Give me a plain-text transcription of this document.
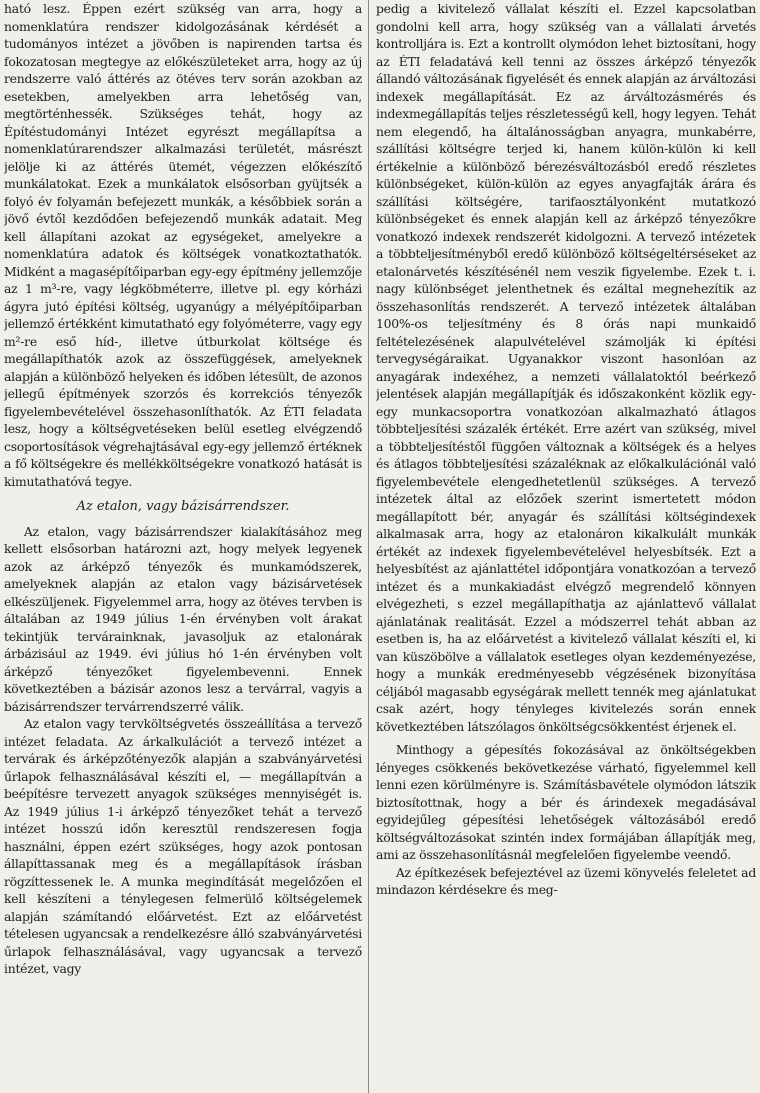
ható lesz. Éppen ezért szükség van arra, hogy a nomenklatúra rendszer kidolgozásának kérdését a tudományos intézet a jövőben is napirenden tartsa és fokozatosan megtegye az előkészületeket arra, hogy az új rendszerre való áttérés az ötéves terv során azokban az esetekben, amelyekben arra lehetőség van, megtörténhessék. Szükséges tehát, hogy az Építéstudományi Intézet egyrészt megállapítsa a nomenklatúrarendszer alkalmazási területét, másrészt jelölje ki az áttérés ütemét, végezzen előkészítő munkálatokat. Ezek a munkálatok elsősorban gyüjtsék a folyó év folyamán befejezett munkák, a későbbiek során a jövő évtől kezdődően befejezendő munkák adatait. Meg kell állapítani azokat az egységeket, amelyekre a nomenklatúra adatok és költségek vonatkoztathatók. Midként a magasépítőiparban egy-egy építmény jellemzője az 1 m³-re, vagy légköbméterre, illetve pl. egy kórházi ágyra jutó építési költség, ugyanúgy a mélyépítőiparban jellemző értékként kimutatható egy folyóméterre, vagy egy m²-re eső híd-, illetve útburkolat költsége és megállapíthatók azok az összefüggések, amelyeknek alapján a különböző helyeken és időben létesült, de azonos jellegű építmények szorzós és korrekciós tényezők figyelembevételével összehasonlíthatók. Az ÉTI feladata lesz, hogy a költségvetéseken belül esetleg elvégzendő csoportosítások végrehajtásával egy-egy jellemző értéknek a fő költségekre és mellékköltségekre vonatkozó hatását is kimutathatóvá tegye.

Az etalon, vagy bázisárrendszer.

Az etalon, vagy bázisárrendszer kialakításához meg kellett elsősorban határozni azt, hogy melyek legyenek azok az árképző tényezők és munkamódszerek, amelyeknek alapján az etalon vagy bázisárvetések elkészüljenek. Figyelemmel arra, hogy az ötéves tervben is általában az 1949 július 1-én érvényben volt árakat tekintjük tervárainknak, javasoljuk az etalonárak árbázisául az 1949. évi július hó 1-én érvényben volt árképző tényezőket figyelembevenni. Ennek következtében a bázisár azonos lesz a tervárral, vagyis a bázisárrendszer tervárrendszerré válik.

Az etalon vagy tervköltségvetés összeállítása a tervező intézet feladata. Az árkalkulációt a tervező intézet a tervárak és árképzőtényezők alapján a szabványárvetési űrlapok felhasználásával készíti el, — megállapítván a beépítésre tervezett anyagok szükséges mennyiségét is. Az 1949 július 1-i árképző tényezőket tehát a tervező intézet hosszú időn keresztül rendszeresen fogja használni, éppen ezért szükséges, hogy azok pontosan állapíttassanak meg és a megállapítások írásban rögzíttessenek le. A munka megindítását megelőzően el kell készíteni a ténylegesen felmerülő költségelemek alapján számítandó előárvetést. Ezt az előárvetést tételesen ugyancsak a rendelkezésre álló szabványárvetési űrlapok felhasználásával, vagy ugyancsak a tervező intézet, vagy

pedig a kivitelező vállalat készíti el. Ezzel kapcsolatban gondolni kell arra, hogy szükség van a vállalati árvetés kontrolljára is. Ezt a kontrollt olymódon lehet biztosítani, hogy az ÉTI feladatává kell tenni az összes árképző tényezők állandó változásának figyelését és ennek alapján az árváltozási indexek megállapítását. Ez az árváltozásmérés és indexmegállapítás teljes részletességű kell, hogy legyen. Tehát nem elegendő, ha általánosságban anyagra, munkabérre, szállítási költségre terjed ki, hanem külön-külön ki kell értékelnie a különböző bérezésváltozásból eredő részletes különbségeket, külön-külön az egyes anyagfajták árára és szállítási költségére, tarifaosztályonként mutatkozó különbségeket és ennek alapján kell az árképző tényezőkre vonatkozó indexek rendszerét kidolgozni. A tervező intézetek a többteljesítményből eredő különböző költségeltérséseket az etalonárvetés készítésénél nem veszik figyelembe. Ezek t. i. nagy különbséget jelenthetnek és ezáltal megnehezítik az összehasonlítás rendszerét. A tervező intézetek általában 100%-os teljesítmény és 8 órás napi munkaidő feltételezésének alapulvételével számolják ki építési tervegységáraikat. Ugyanakkor viszont hasonlóan az anyagárak indexéhez, a nemzeti vállalatoktól beérkező jelentések alapján megállapítják és időszakonként közlik egy-egy munkacsoportra vonatkozóan alkalmazható átlagos többteljesítési százalék értékét. Erre azért van szükség, mivel a többteljesítéstől függően változnak a költségek és a helyes és átlagos többteljesítési százaléknak az előkalkulációnál való figyelembevétele elengedhetetlenül szükséges. A tervező intézetek által az előzőek szerint ismertetett módon megállapított bér, anyagár és szállítási költségindexek alkalmasak arra, hogy az etalonáron kikalkulált munkák értékét az indexek figyelembevételével helyesbítsék. Ezt a helyesbítést az ajánlattétel időpontjára vonatkozóan a tervező intézet és a munkakiadást elvégző megrendelő könnyen elvégezheti, s ezzel megállapíthatja az ajánlattevő vállalat ajánlatának realitását. Ezzel a módszerrel tehát abban az esetben is, ha az előárvetést a kivitelező vállalat készíti el, ki van küszöbölve a vállalatok esetleges olyan kezdeményezése, hogy a munkák eredményesebb végzésének bizonyítása céljából magasabb egységárak mellett tennék meg ajánlatukat csak azért, hogy tényleges kivitelezés során ennek következtében látszólagos önköltségcsökkentést érjenek el.

Minthogy a gépesítés fokozásával az önköltségekben lényeges csökkenés bekövetkezése várható, figyelemmel kell lenni ezen körülményre is. Számításbavétele olymódon látszik biztosítottnak, hogy a bér és árindexek megadásával egyidejűleg gépesítési lehetőségek változásából eredő költségváltozásokat szintén index formájában állapítják meg, ami az összehasonlításnál megfelelően figyelembe veendő.

Az építkezések befejeztével az üzemi könyvelés feleletet ad mindazon kérdésekre és meg-
